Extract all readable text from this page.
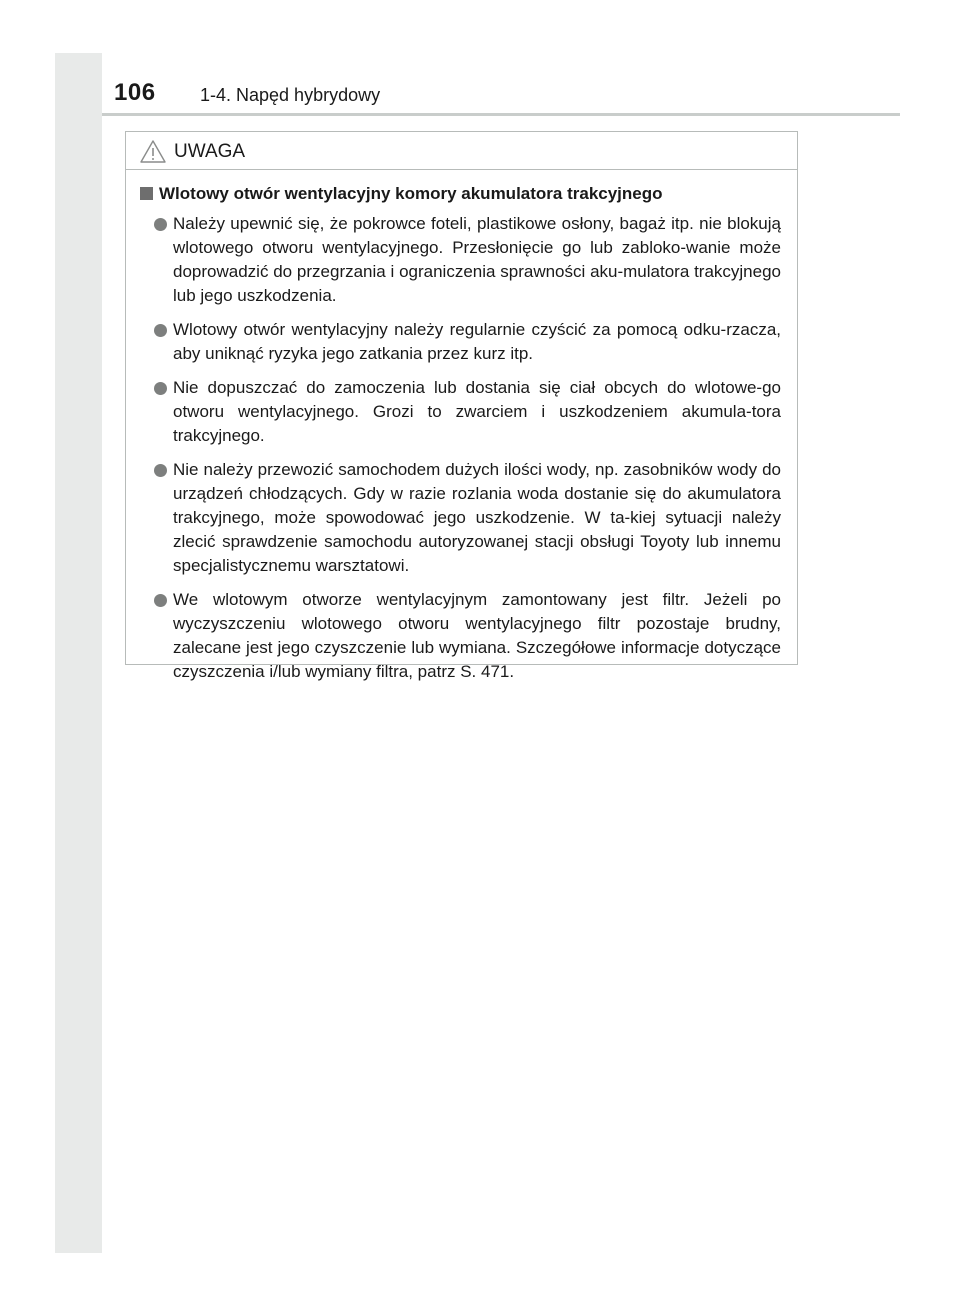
106 1-4. Napęd hybrydowy
UWAGA
Wlotowy otwór wentylacyjny komory akumulatora trakcyjnego
Należy upewnić się, że pokrowce foteli, plastikowe osłony, bagaż itp. nie blokują wlotowego otworu wentylacyjnego. Przesłonięcie go lub zabloko-wanie może doprowadzić do przegrzania i ograniczenia sprawności aku-mulatora trakcyjnego lub jego uszkodzenia.
Wlotowy otwór wentylacyjny należy regularnie czyścić za pomocą odku-rzacza, aby uniknąć ryzyka jego zatkania przez kurz itp.
Nie dopuszczać do zamoczenia lub dostania się ciał obcych do wlotowe-go otworu wentylacyjnego. Grozi to zwarciem i uszkodzeniem akumula-tora trakcyjnego.
Nie należy przewozić samochodem dużych ilości wody, np. zasobników wody do urządzeń chłodzących. Gdy w razie rozlania woda dostanie się do akumulatora trakcyjnego, może spowodować jego uszkodzenie. W ta-kiej sytuacji należy zlecić sprawdzenie samochodu autoryzowanej stacji obsługi Toyoty lub innemu specjalistycznemu warsztatowi.
We wlotowym otworze wentylacyjnym zamontowany jest filtr. Jeżeli po wyczyszczeniu wlotowego otworu wentylacyjnego filtr pozostaje brudny, zalecane jest jego czyszczenie lub wymiana. Szczegółowe informacje dotyczące czyszczenia i/lub wymiany filtra, patrz S. 471.
